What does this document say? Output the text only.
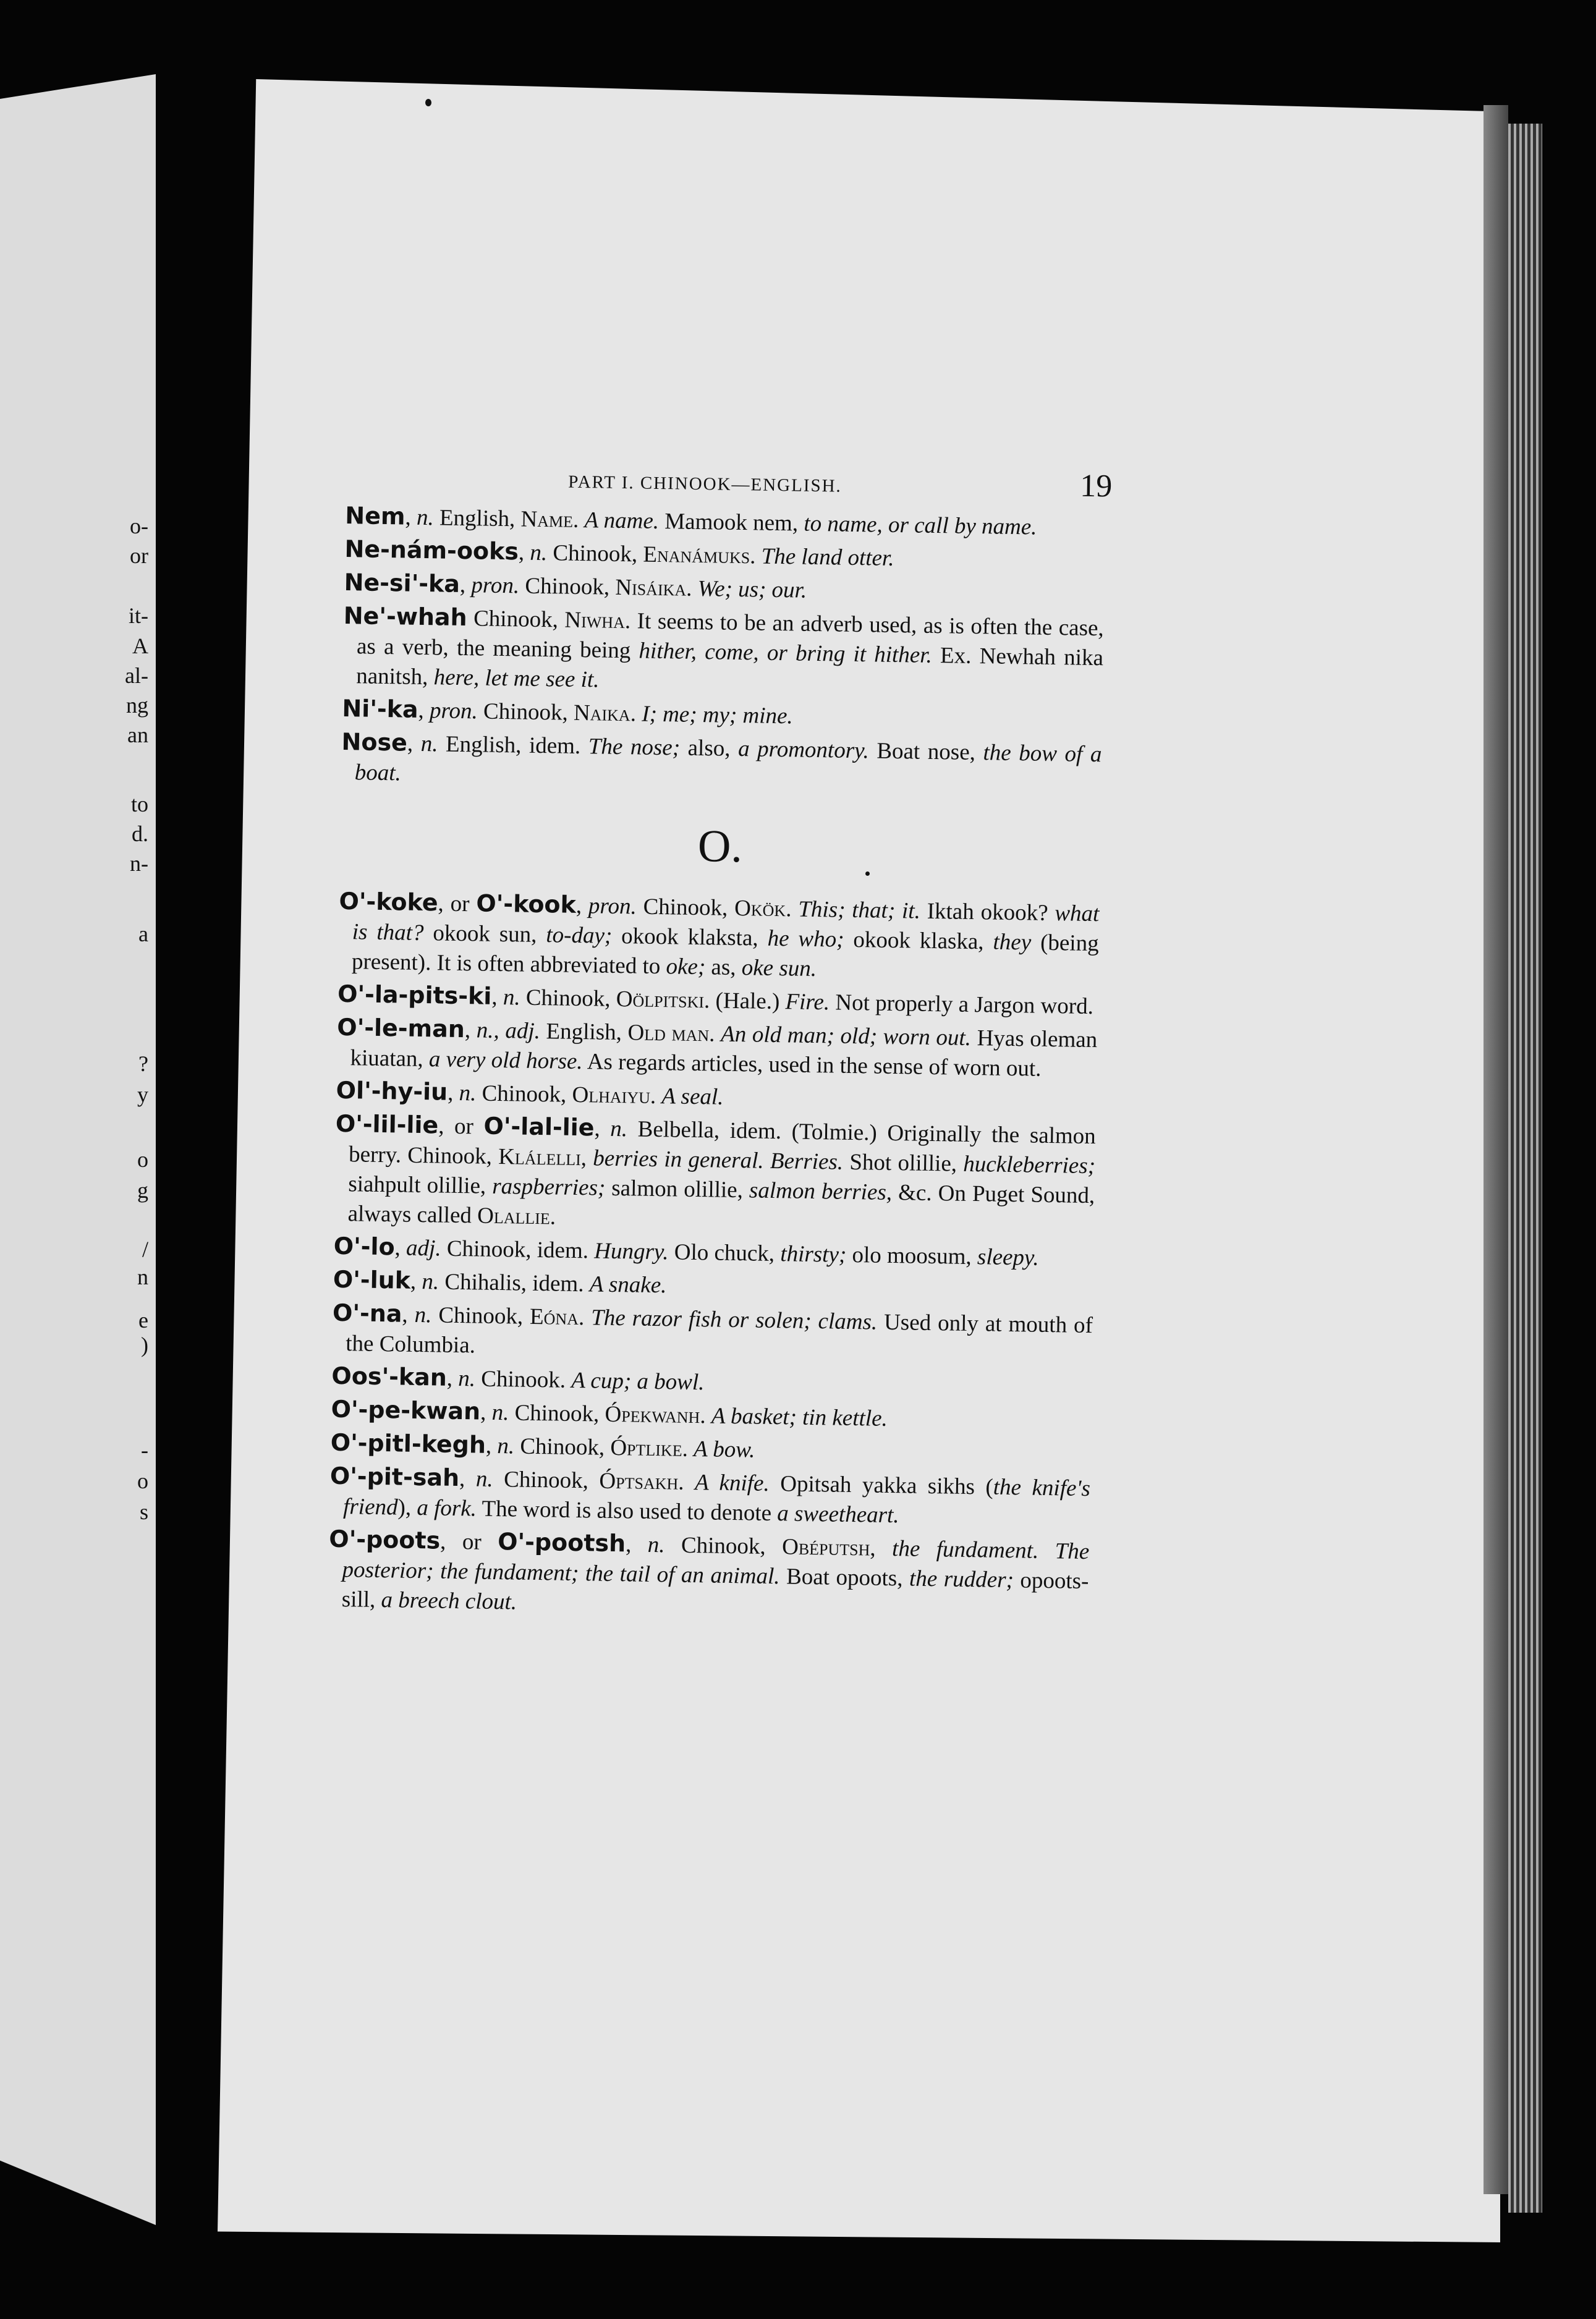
o-
or
it-
A
al-
ng
an
to
d.
n-
a
?
y
o
g
/
n
e
)
-
o
s
PART I. CHINOOK—ENGLISH.	19

Nem, n. English, Name. A name. Mamook nem, to name, or call by name.

Ne-nám-ooks, n. Chinook, Enanámuks. The land otter.

Ne-si'-ka, pron. Chinook, Nisáika. We; us; our.

Ne'-whah Chinook, Niwha. It seems to be an adverb used, as is often the case, as a verb, the meaning being hither, come, or bring it hither. Ex. Newhah nika nanitsh, here, let me see it.

Ni'-ka, pron. Chinook, Naika. I; me; my; mine.

Nose, n. English, idem. The nose; also, a promontory. Boat nose, the bow of a boat.

O.

O'-koke, or O'-kook, pron. Chinook, Okök. This; that; it. Iktah okook? what is that? okook sun, to-day; okook klaksta, he who; okook klaska, they (being present). It is often abbreviated to oke; as, oke sun.

O'-la-pits-ki, n. Chinook, Oölpitski. (Hale.) Fire. Not properly a Jargon word.

O'-le-man, n., adj. English, Old man. An old man; old; worn out. Hyas oleman kiuatan, a very old horse. As regards articles, used in the sense of worn out.

Ol'-hy-iu, n. Chinook, Olhaiyu. A seal.

O'-lil-lie, or O'-lal-lie, n. Belbella, idem. (Tolmie.) Originally the salmon berry. Chinook, Klálelli, berries in general. Berries. Shot olillie, huckleberries; siahpult olillie, raspberries; salmon olillie, salmon berries, &c. On Puget Sound, always called Olallie.

O'-lo, adj. Chinook, idem. Hungry. Olo chuck, thirsty; olo moosum, sleepy.

O'-luk, n. Chihalis, idem. A snake.

O'-na, n. Chinook, Eóna. The razor fish or solen; clams. Used only at mouth of the Columbia.

Oos'-kan, n. Chinook. A cup; a bowl.

O'-pe-kwan, n. Chinook, Ópekwanh. A basket; tin kettle.

O'-pitl-kegh, n. Chinook, Óptlike. A bow.

O'-pit-sah, n. Chinook, Óptsakh. A knife. Opitsah yakka sikhs (the knife's friend), a fork. The word is also used to denote a sweetheart.

O'-poots, or O'-pootsh, n. Chinook, Obéputsh, the fundament. The posterior; the fundament; the tail of an animal. Boat opoots, the rudder; opoots-sill, a breech clout.
